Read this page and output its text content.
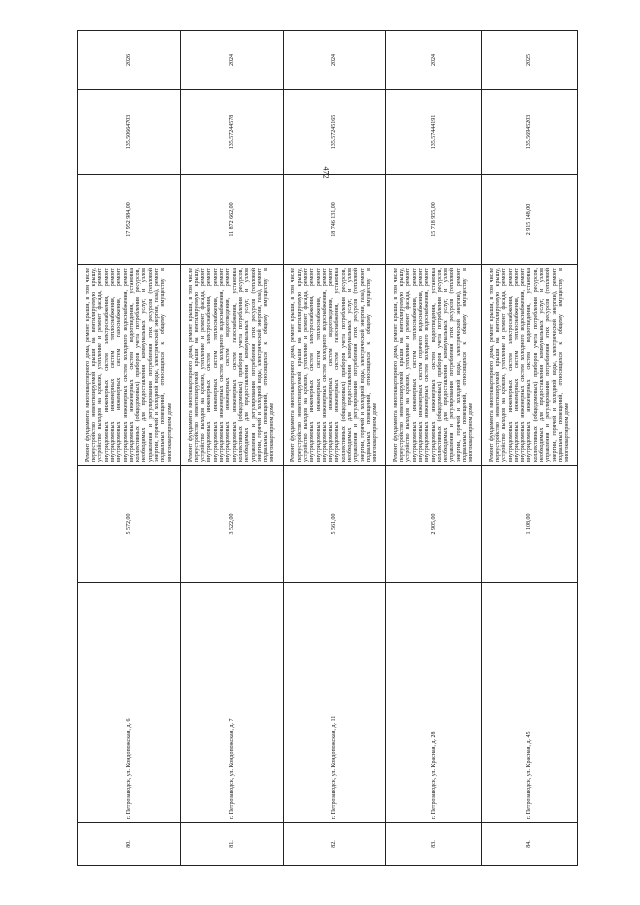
472
80.	г. Петрозаводск, ул. Кондопожская, д. 6	5 572,00	Ремонт фундамента многоквартирного дома, ремонт крыши, в том числе переустройство невентилируемой крыши на вентилируемую крышу, устройство выходов на кровлю, утепление и ремонт фасада, ремонт внутридомовых инженерных систем электроснабжения, ремонт внутридомовых инженерных систем теплоснабжения, ремонт внутридомовых инженерных систем газоснабжения, ремонт внутридомовых инженерных систем холодного водоснабжения, ремонт внутридомовых инженерных систем водоотведения, установка коллективных (общедомовых) приборов учета потребления ресурсов, необходимых для предоставления коммунальных услуг, и узлов управления и регулирования потребления этих ресурсов (тепловой энергии, горячей и холодной воды, электрической энергии, газа), ремонт подвальных помещений, относящихся к общему имуществу в многоквартирном доме	17 952 984,00	135.50664703	2026
81.	г. Петрозаводск, ул. Кондопожская, д. 7	3 522,00	Ремонт фундамента многоквартирного дома, ремонт крыши, в том числе переустройство невентилируемой крыши на вентилируемую крышу, устройство выходов на кровлю, утепление и ремонт фасада, ремонт внутридомовых инженерных систем электроснабжения, ремонт внутридомовых инженерных систем теплоснабжения, ремонт внутридомовых инженерных систем холодного водоснабжения, ремонт внутридомовых инженерных систем водоотведения, ремонт внутридомовых инженерных систем газоснабжения, установка коллективных (общедомовых) приборов учета потребления ресурсов, необходимых для предоставления коммунальных услуг, и узлов управления и регулирования потребления этих ресурсов (тепловой энергии, горячей и холодной воды, электрической энергии, газа), ремонт подвальных помещений, относящихся к общему имуществу в многоквартирном доме	11 872 662,00	135.57244578	2024
82.	г. Петрозаводск, ул. Кондопожская, д. 11	5 561,00	Ремонт фундамента многоквартирного дома, ремонт крыши, в том числе переустройство невентилируемой крыши на вентилируемую крышу, устройство выходов на кровлю, утепление и ремонт фасада, ремонт внутридомовых инженерных систем электроснабжения, ремонт внутридомовых инженерных систем теплоснабжения, ремонт внутридомовых инженерных систем холодного водоснабжения, ремонт внутридомовых инженерных систем водоотведения, ремонт внутридомовых инженерных систем газоснабжения, установка коллективных (общедомовых) приборов учета потребления ресурсов, необходимых для предоставления коммунальных услуг, и узлов управления и регулирования потребления этих ресурсов (тепловой энергии, горячей и холодной воды, электрической энергии, газа), ремонт подвальных помещений, относящихся к общему имуществу в многоквартирном доме	18 746 131,00	135.57245165	2024
83.	г. Петрозаводск, ул. Красная, д. 28	2 905,00	Ремонт фундамента многоквартирного дома, ремонт крыши, в том числе переустройство невентилируемой крыши на вентилируемую крышу, устройство выходов на кровлю, утепление и ремонт фасада, ремонт внутридомовых инженерных систем теплоснабжения, ремонт внутридомовых инженерных систем горячего водоснабжения, ремонт внутридомовых инженерных систем холодного водоснабжения, ремонт внутридомовых инженерных систем водоотведения, установка коллективных (общедомовых) приборов учета потребления ресурсов, необходимых для предоставления коммунальных услуг, и узлов управления и регулирования потребления этих ресурсов (тепловой энергии, горячей и холодной воды, электрической энергии), ремонт подвальных помещений, относящихся к общему имуществу в многоквартирном доме	15 718 955,00	135.57444191	2024
84.	г. Петрозаводск, ул. Красная, д. 45	1 108,00	Ремонт фундамента многоквартирного дома, ремонт крыши, в том числе переустройство невентилируемой крыши на вентилируемую крышу, устройство выходов на кровлю, утепление и ремонт фасада, ремонт внутридомовых инженерных систем электроснабжения, ремонт внутридомовых инженерных систем теплоснабжения, ремонт внутридомовых инженерных систем холодного водоснабжения, ремонт внутридомовых инженерных систем водоотведения, установка коллективных (общедомовых) приборов учета потребления ресурсов, необходимых для предоставления коммунальных услуг, и узлов управления и регулирования потребления этих ресурсов (тепловой энергии, горячей и холодной воды, электрической энергии), ремонт подвальных помещений, относящихся к общему имуществу в многоквартирном доме	2 915 148,00	135.56945203	2025
